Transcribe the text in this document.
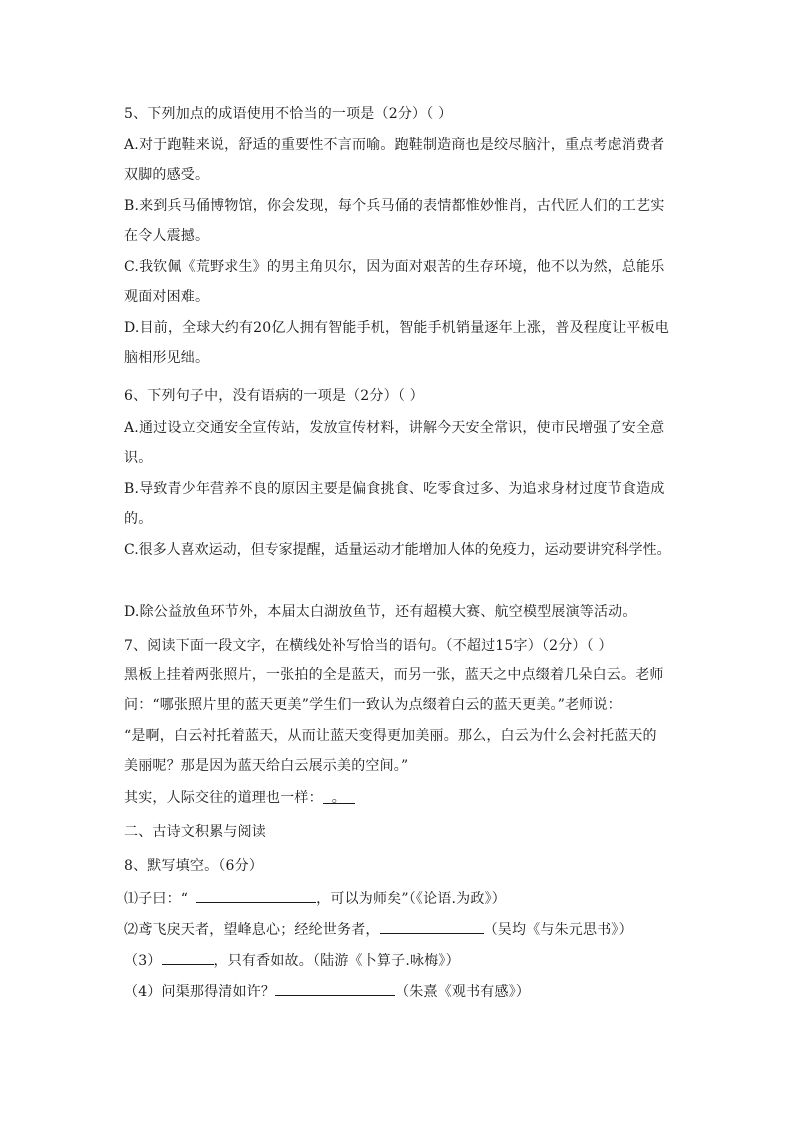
5、下列加点的成语使用不恰当的一项是（2分）（ ）
A.对于跑鞋来说，舒适的重要性不言而喻。跑鞋制造商也是绞尽脑汁，重点考虑消费者
双脚的感受。
B.来到兵马俑博物馆，你会发现，每个兵马俑的表情都惟妙惟肖，古代匠人们的工艺实
在令人震撼。
C.我钦佩《荒野求生》的男主角贝尔，因为面对艰苦的生存环境，他不以为然，总能乐
观面对困难。
D.目前，全球大约有20亿人拥有智能手机，智能手机销量逐年上涨，普及程度让平板电
脑相形见绌。
6、下列句子中，没有语病的一项是（2分）（ ）
A.通过设立交通安全宣传站，发放宣传材料，讲解今天安全常识，使市民增强了安全意
识。
B.导致青少年营养不良的原因主要是偏食挑食、吃零食过多、为追求身材过度节食造成
的。
C.很多人喜欢运动，但专家提醒，适量运动才能增加人体的免疫力，运动要讲究科学性。
D.除公益放鱼环节外，本届太白湖放鱼节，还有超模大赛、航空模型展演等活动。
7、阅读下面一段文字，在横线处补写恰当的语句。（不超过15字）（2分）（ ）
黑板上挂着两张照片，一张拍的全是蓝天，而另一张，蓝天之中点缀着几朵白云。老师
问：“哪张照片里的蓝天更美”学生们一致认为点缀着白云的蓝天更美。”老师说：
“是啊，白云衬托着蓝天，从而让蓝天变得更加美丽。那么，白云为什么会衬托蓝天的
美丽呢？那是因为蓝天给白云展示美的空间。”
其实，人际交往的道理也一样： 。
二、古诗文积累与阅读
8、默写填空。（6分）
⑴子曰：“	，可以为师矣”（《论语.为政》）
⑵鸢飞戾天者，望峰息心；经纶世务者，	（吴均《与朱元思书》）
（3）	，只有香如故。（陆游《卜算子.咏梅》）
（4）问渠那得清如许？	（朱熹《观书有感》）
